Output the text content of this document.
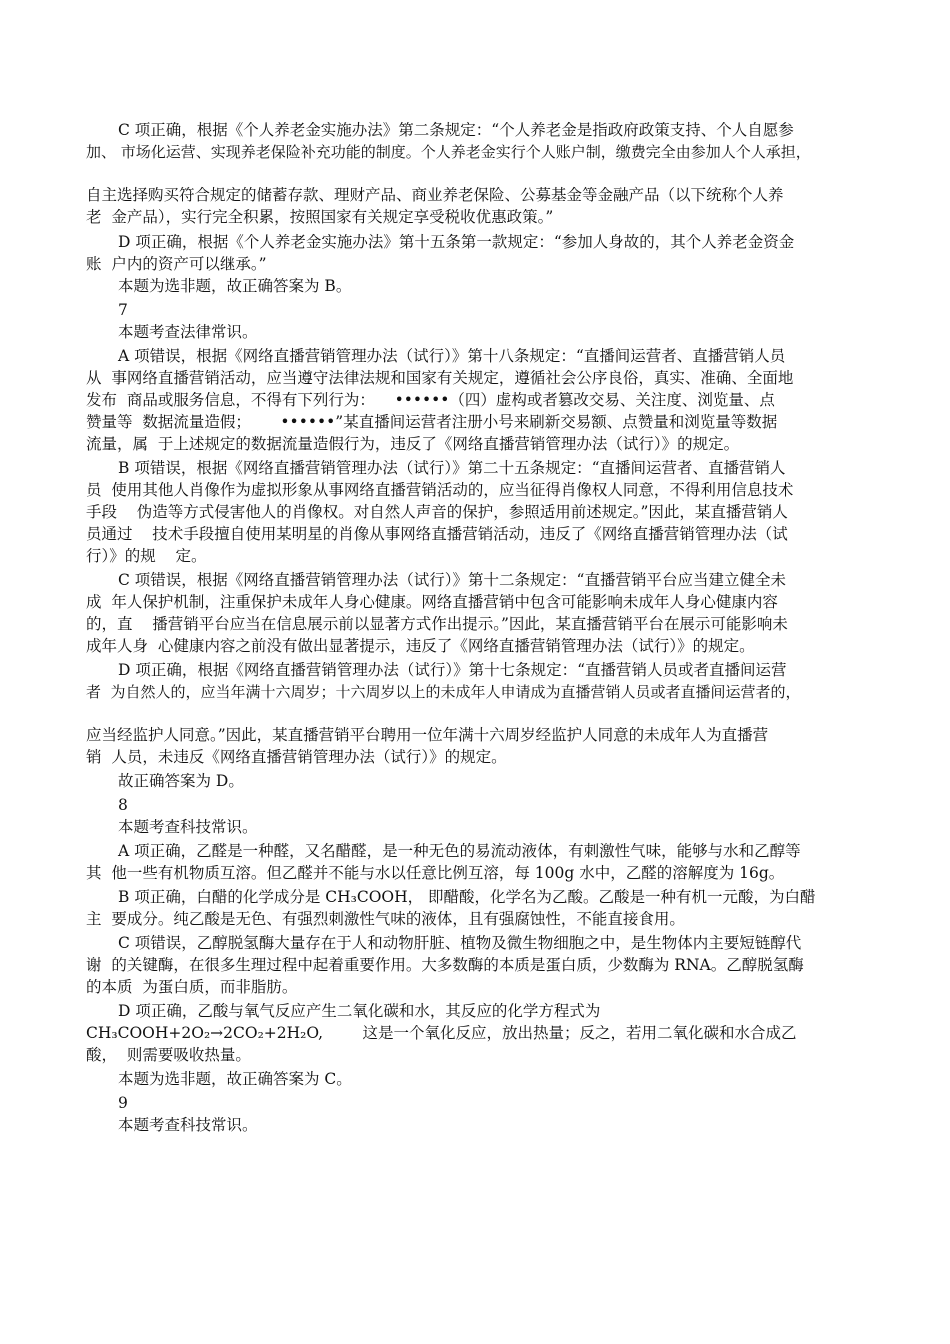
C 项正确，根据《个人养老金实施办法》第二条规定：“个人养老金是指政府政策支持、个人自愿参
加、 市场化运营、实现养老保险补充功能的制度。个人养老金实行个人账户制，缴费完全由参加人个人承担，
自主选择购买符合规定的储蓄存款、理财产品、商业养老保险、公募基金等金融产品（以下统称个人养
老  金产品），实行完全积累，按照国家有关规定享受税收优惠政策。”
D 项正确，根据《个人养老金实施办法》第十五条第一款规定：“参加人身故的，其个人养老金资金
账  户内的资产可以继承。”
本题为选非题，故正确答案为 B。
7
本题考查法律常识。
A 项错误，根据《网络直播营销管理办法（试行）》第十八条规定：“直播间运营者、直播营销人员
从  事网络直播营销活动，应当遵守法律法规和国家有关规定，遵循社会公序良俗，真实、准确、全面地
发布  商品或服务信息，不得有下列行为：    ••••••（四）虚构或者篡改交易、关注度、浏览量、点
赞量等  数据流量造假；      ••••••”某直播间运营者注册小号来刷新交易额、点赞量和浏览量等数据
流量，属  于上述规定的数据流量造假行为，违反了《网络直播营销管理办法（试行）》的规定。
B 项错误，根据《网络直播营销管理办法（试行）》第二十五条规定：“直播间运营者、直播营销人
员  使用其他人肖像作为虚拟形象从事网络直播营销活动的，应当征得肖像权人同意，不得利用信息技术
手段    伪造等方式侵害他人的肖像权。对自然人声音的保护，参照适用前述规定。”因此，某直播营销人
员通过    技术手段擅自使用某明星的肖像从事网络直播营销活动，违反了《网络直播营销管理办法（试
行）》的规    定。
C 项错误，根据《网络直播营销管理办法（试行）》第十二条规定：“直播营销平台应当建立健全未
成  年人保护机制，注重保护未成年人身心健康。网络直播营销中包含可能影响未成年人身心健康内容
的，直    播营销平台应当在信息展示前以显著方式作出提示。”因此，某直播营销平台在展示可能影响未
成年人身  心健康内容之前没有做出显著提示，违反了《网络直播营销管理办法（试行）》的规定。
D 项正确，根据《网络直播营销管理办法（试行）》第十七条规定：“直播营销人员或者直播间运营
者  为自然人的，应当年满十六周岁；十六周岁以上的未成年人申请成为直播营销人员或者直播间运营者的，
应当经监护人同意。”因此，某直播营销平台聘用一位年满十六周岁经监护人同意的未成年人为直播营
销  人员，未违反《网络直播营销管理办法（试行）》的规定。
故正确答案为 D。
8
本题考查科技常识。
A 项正确，乙醛是一种醛，又名醋醛，是一种无色的易流动液体，有刺激性气味，能够与水和乙醇等
其  他一些有机物质互溶。但乙醛并不能与水以任意比例互溶，每 100g 水中，乙醛的溶解度为 16g。
B 项正确，白醋的化学成分是 CH₃COOH， 即醋酸，化学名为乙酸。乙酸是一种有机一元酸，为白醋
主  要成分。纯乙酸是无色、有强烈刺激性气味的液体，且有强腐蚀性，不能直接食用。
C 项错误，乙醇脱氢酶大量存在于人和动物肝脏、植物及微生物细胞之中，是生物体内主要短链醇代
谢  的关键酶，在很多生理过程中起着重要作用。大多数酶的本质是蛋白质，少数酶为 RNA。乙醇脱氢酶
的本质  为蛋白质，而非脂肪。
D 项正确，乙酸与氧气反应产生二氧化碳和水，其反应的化学方程式为
CH₃COOH+2O₂→2CO₂+2H₂O,        这是一个氧化反应，放出热量；反之，若用二氧化碳和水合成乙
酸，  则需要吸收热量。
本题为选非题，故正确答案为 C。
9
本题考查科技常识。
